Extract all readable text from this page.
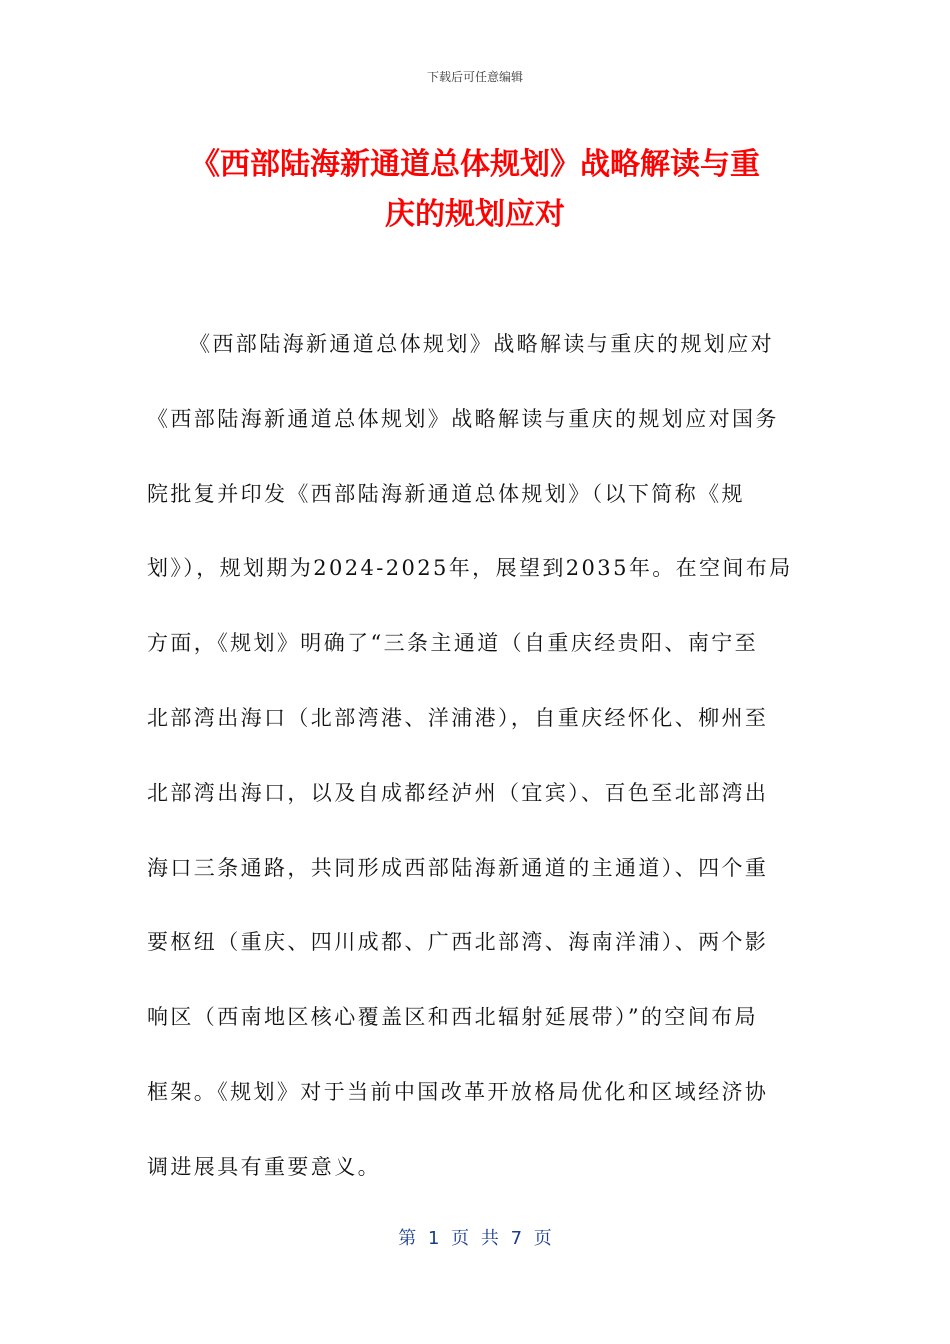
下载后可任意编辑
《西部陆海新通道总体规划》战略解读与重
庆的规划应对
《西部陆海新通道总体规划》战略解读与重庆的规划应对
《西部陆海新通道总体规划》战略解读与重庆的规划应对国务
院批复并印发《西部陆海新通道总体规划》（以下简称《规
划》），规划期为2024-2025年，展望到2035年。在空间布局
方面，《规划》明确了“三条主通道（自重庆经贵阳、南宁至
北部湾出海口（北部湾港、洋浦港），自重庆经怀化、柳州至
北部湾出海口，以及自成都经泸州（宜宾）、百色至北部湾出
海口三条通路，共同形成西部陆海新通道的主通道）、四个重
要枢纽（重庆、四川成都、广西北部湾、海南洋浦）、两个影
响区（西南地区核心覆盖区和西北辐射延展带）”的空间布局
框架。《规划》对于当前中国改革开放格局优化和区域经济协
调进展具有重要意义。
第 1 页 共 7 页
